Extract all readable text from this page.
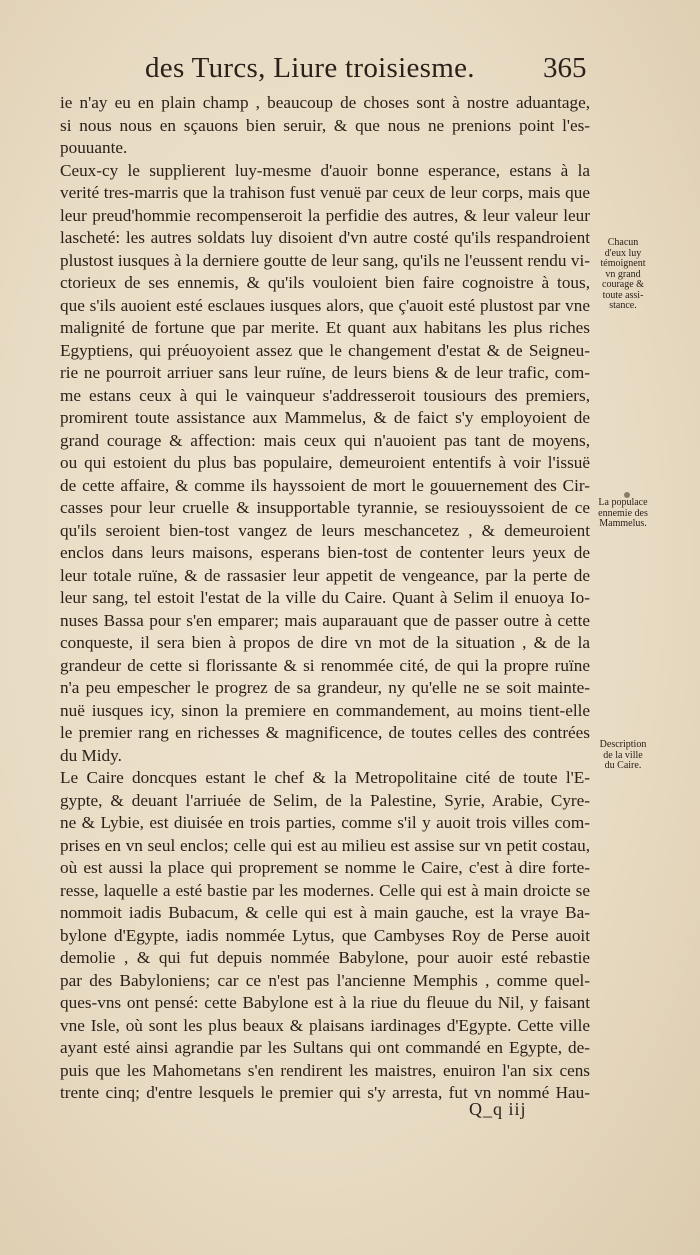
des Turcs, Liure troisiesme. 365
ie n'ay eu en plain champ , beaucoup de choses sont à nostre aduantage,
si nous nous en sçauons bien seruir, & que nous ne prenions point l'es-
pouuante.
Ceux-cy le supplierent luy-mesme d'auoir bonne esperance, estans à la
verité tres-marris que la trahison fust venuë par ceux de leur corps, mais que
leur preud'hommie recompenseroit la perfidie des autres, & leur valeur leur
lascheté: les autres soldats luy disoient d'vn autre costé qu'ils respandroient
plustost iusques à la derniere goutte de leur sang, qu'ils ne l'eussent rendu vi-
ctorieux de ses ennemis, & qu'ils vouloient bien faire cognoistre à tous,
que s'ils auoient esté esclaues iusques alors, que ç'auoit esté plustost par vne
malignité de fortune que par merite. Et quant aux habitans les plus riches
Egyptiens, qui préuoyoient assez que le changement d'estat & de Seigneu-
rie ne pourroit arriuer sans leur ruïne, de leurs biens & de leur trafic, com-
me estans ceux à qui le vainqueur s'addresseroit tousiours des premiers,
promirent toute assistance aux Mammelus, & de faict s'y employoient de
grand courage & affection: mais ceux qui n'auoient pas tant de moyens,
ou qui estoient du plus bas populaire, demeuroient ententifs à voir l'issuë
de cette affaire, & comme ils hayssoient de mort le gouuernement des Cir-
casses pour leur cruelle & insupportable tyrannie, se resiouyssoient de ce
qu'ils seroient bien-tost vangez de leurs meschancetez , & demeuroient
enclos dans leurs maisons, esperans bien-tost de contenter leurs yeux de
leur totale ruïne, & de rassasier leur appetit de vengeance, par la perte de
leur sang, tel estoit l'estat de la ville du Caire. Quant à Selim il enuoya Io-
nuses Bassa pour s'en emparer; mais auparauant que de passer outre à cette
conqueste, il sera bien à propos de dire vn mot de la situation , & de la
grandeur de cette si florissante & si renommée cité, de qui la propre ruïne
n'a peu empescher le progrez de sa grandeur, ny qu'elle ne se soit mainte-
nuë iusques icy, sinon la premiere en commandement, au moins tient-elle
le premier rang en richesses & magnificence, de toutes celles des contrées
du Midy.
Le Caire doncques estant le chef & la Metropolitaine cité de toute l'E-
gypte, & deuant l'arriuée de Selim, de la Palestine, Syrie, Arabie, Cyre-
ne & Lybie, est diuisée en trois parties, comme s'il y auoit trois villes com-
prises en vn seul enclos; celle qui est au milieu est assise sur vn petit costau,
où est aussi la place qui proprement se nomme le Caire, c'est à dire forte-
resse, laquelle a esté bastie par les modernes. Celle qui est à main droicte se
nommoit iadis Bubacum, & celle qui est à main gauche, est la vraye Ba-
bylone d'Egypte, iadis nommée Lytus, que Cambyses Roy de Perse auoit
demolie , & qui fut depuis nommée Babylone, pour auoir esté rebastie
par des Babyloniens; car ce n'est pas l'ancienne Memphis , comme quel-
ques-vns ont pensé: cette Babylone est à la riue du fleuue du Nil, y faisant
vne Isle, où sont les plus beaux & plaisans iardinages d'Egypte. Cette ville
ayant esté ainsi agrandie par les Sultans qui ont commandé en Egypte, de-
puis que les Mahometans s'en rendirent les maistres, enuiron l'an six cens
trente cinq; d'entre lesquels le premier qui s'y arresta, fut vn nommé Hau-
Chacun
d'eux luy
témoignent
vn grand
courage &
toute assi-
stance.
La populace
ennemie des
Mammelus.
Description
de la ville
du Caire.
Q_q iij
